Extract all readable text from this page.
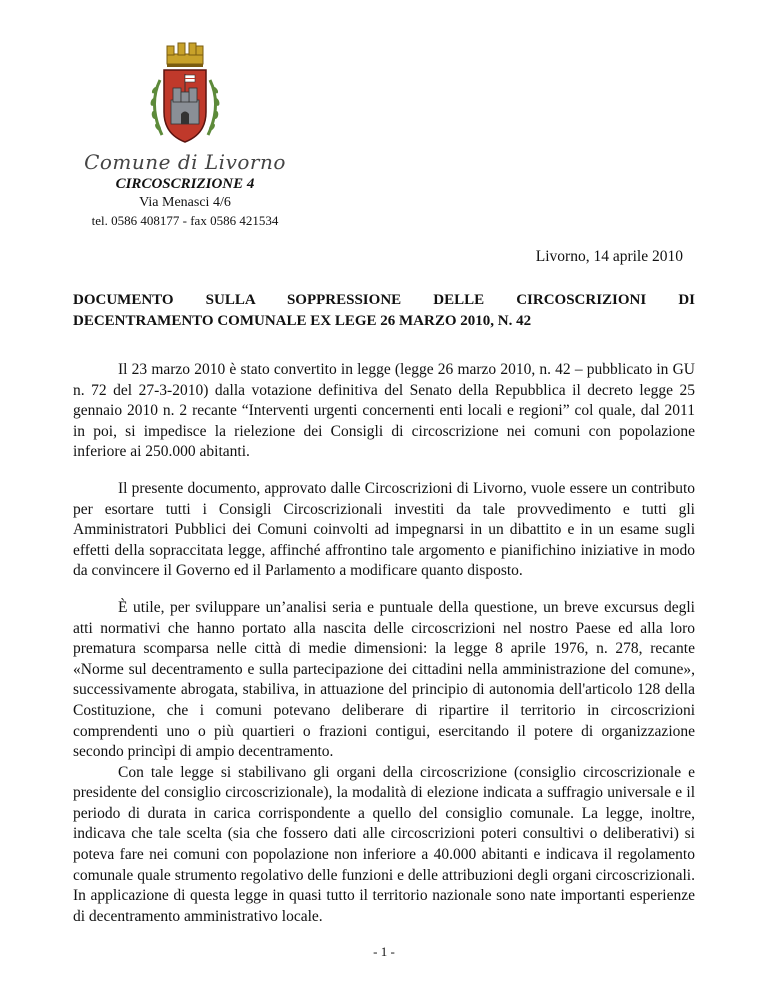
Comune di Livorno
CIRCOSCRIZIONE 4
Via Menasci 4/6
tel. 0586 408177 - fax 0586 421534
Livorno, 14 aprile 2010
DOCUMENTO SULLA SOPPRESSIONE DELLE CIRCOSCRIZIONI DI DECENTRAMENTO COMUNALE EX LEGE 26 MARZO 2010, N. 42

Il 23 marzo 2010 è stato convertito in legge (legge 26 marzo 2010, n. 42 – pubblicato in GU n. 72 del 27-3-2010) dalla votazione definitiva del Senato della Repubblica il decreto legge 25 gennaio 2010 n. 2 recante “Interventi urgenti concernenti enti locali e regioni” col quale, dal 2011 in poi, si impedisce la rielezione dei Consigli di circoscrizione nei comuni con popolazione inferiore ai 250.000 abitanti.

Il presente documento, approvato dalle Circoscrizioni di Livorno, vuole essere un contributo per esortare tutti i Consigli Circoscrizionali investiti da tale provvedimento e tutti gli Amministratori Pubblici dei Comuni coinvolti ad impegnarsi in un dibattito e in un esame sugli effetti della sopraccitata legge, affinché affrontino tale argomento e pianifichino iniziative in modo da convincere il Governo ed il Parlamento a modificare quanto disposto.

È utile, per sviluppare un’analisi seria e puntuale della questione, un breve excursus degli atti normativi che hanno portato alla nascita delle circoscrizioni nel nostro Paese ed alla loro prematura scomparsa nelle città di medie dimensioni: la legge 8 aprile 1976, n. 278, recante «Norme sul decentramento e sulla partecipazione dei cittadini nella amministrazione del comune», successivamente abrogata, stabiliva, in attuazione del principio di autonomia dell'articolo 128 della Costituzione, che i comuni potevano deliberare di ripartire il territorio in circoscrizioni comprendenti uno o più quartieri o frazioni contigui, esercitando il potere di organizzazione secondo princìpi di ampio decentramento.

Con tale legge si stabilivano gli organi della circoscrizione (consiglio circoscrizionale e presidente del consiglio circoscrizionale), la modalità di elezione indicata a suffragio universale e il periodo di durata in carica corrispondente a quello del consiglio comunale. La legge, inoltre, indicava che tale scelta (sia che fossero dati alle circoscrizioni poteri consultivi o deliberativi) si poteva fare nei comuni con popolazione non inferiore a 40.000 abitanti e indicava il regolamento comunale quale strumento regolativo delle funzioni e delle attribuzioni degli organi circoscrizionali. In applicazione di questa legge in quasi tutto il territorio nazionale sono nate importanti esperienze di decentramento amministrativo locale.

- 1 -
